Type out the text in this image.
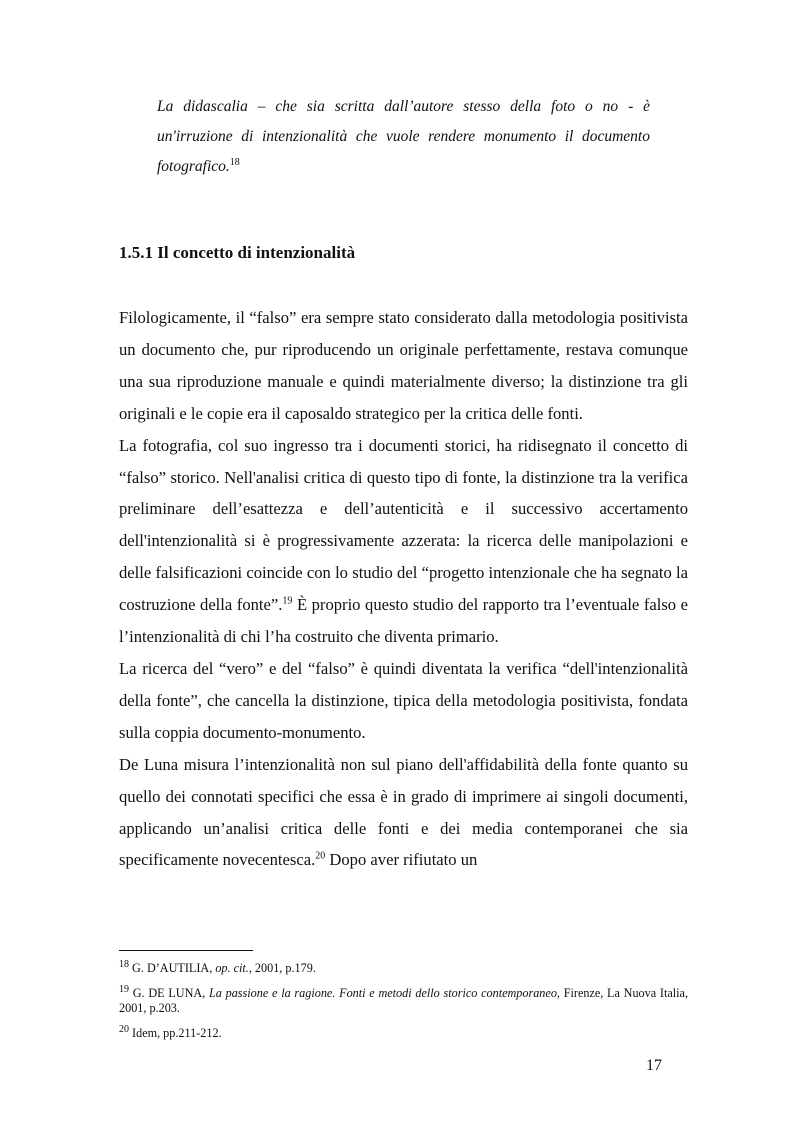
La didascalia – che sia scritta dall’autore stesso della foto o no - è un'irruzione di intenzionalità che vuole rendere monumento il documento fotografico.$^{18}$
1.5.1 Il concetto di intenzionalità

Filologicamente, il “falso” era sempre stato considerato dalla metodologia positivista un documento che, pur riproducendo un originale perfettamente, restava comunque una sua riproduzione manuale e quindi materialmente diverso; la distinzione tra gli originali e le copie era il caposaldo strategico per la critica delle fonti.

La fotografia, col suo ingresso tra i documenti storici, ha ridisegnato il concetto di “falso” storico. Nell'analisi critica di questo tipo di fonte, la distinzione tra la verifica preliminare dell’esattezza e dell’autenticità e il successivo accertamento dell'intenzionalità si è progressivamente azzerata: la ricerca delle manipolazioni e delle falsificazioni coincide con lo studio del “progetto intenzionale che ha segnato la costruzione della fonte”.$^{19}$ È proprio questo studio del rapporto tra l’eventuale falso e l’intenzionalità di chi l’ha costruito che diventa primario.

La ricerca del “vero” e del “falso” è quindi diventata la verifica “dell'intenzionalità della fonte”, che cancella la distinzione, tipica della metodologia positivista, fondata sulla coppia documento-monumento.

De Luna misura l’intenzionalità non sul piano dell'affidabilità della fonte quanto su quello dei connotati specifici che essa è in grado di imprimere ai singoli documenti, applicando un’analisi critica delle fonti e dei media contemporanei che sia specificamente novecentesca.$^{20}$ Dopo aver rifiutato un

$^{18}$ G. D’AUTILIA, op. cit., 2001, p.179.

$^{19}$ G. DE LUNA, La passione e la ragione. Fonti e metodi dello storico contemporaneo, Firenze, La Nuova Italia, 2001, p.203.

$^{20}$ Idem, pp.211-212.

17
